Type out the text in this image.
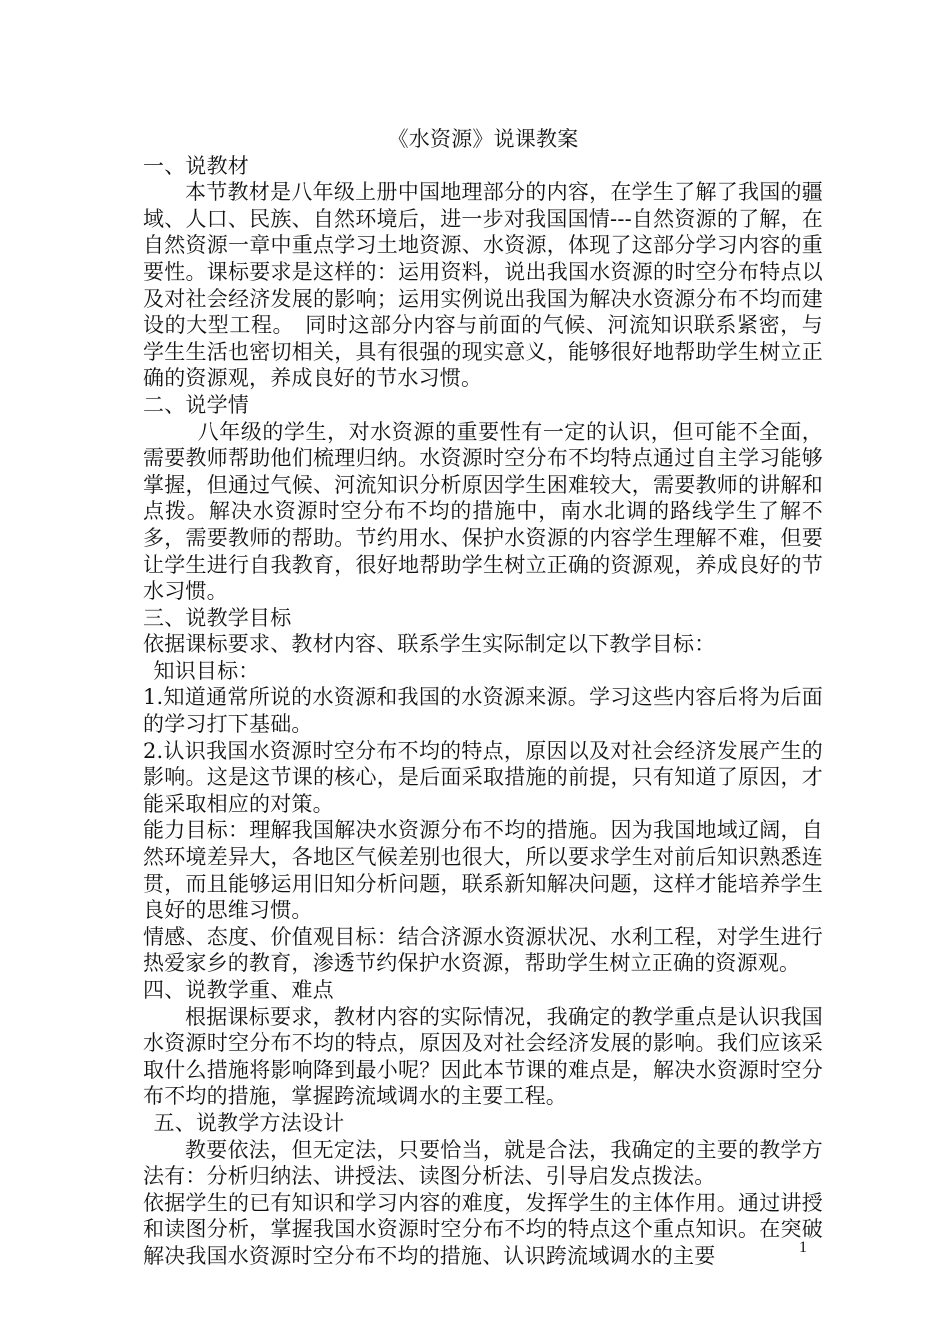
《水资源》说课教案

一、说教材

本节教材是八年级上册中国地理部分的内容，在学生了解了我国的疆域、人口、民族、自然环境后，进一步对我国国情---自然资源的了解，在自然资源一章中重点学习土地资源、水资源，体现了这部分学习内容的重要性。课标要求是这样的：运用资料，说出我国水资源的时空分布特点以及对社会经济发展的影响；运用实例说出我国为解决水资源分布不均而建设的大型工程。　同时这部分内容与前面的气候、河流知识联系紧密，与学生生活也密切相关，具有很强的现实意义，能够很好地帮助学生树立正确的资源观，养成良好的节水习惯。

二、说学情

八年级的学生，对水资源的重要性有一定的认识，但可能不全面，需要教师帮助他们梳理归纳。水资源时空分布不均特点通过自主学习能够掌握，但通过气候、河流知识分析原因学生困难较大，需要教师的讲解和点拨。解决水资源时空分布不均的措施中，南水北调的路线学生了解不多，需要教师的帮助。节约用水、保护水资源的内容学生理解不难，但要让学生进行自我教育，很好地帮助学生树立正确的资源观，养成良好的节水习惯。

三、说教学目标

依据课标要求、教材内容、联系学生实际制定以下教学目标：

知识目标：

1.知道通常所说的水资源和我国的水资源来源。学习这些内容后将为后面的学习打下基础。

2.认识我国水资源时空分布不均的特点，原因以及对社会经济发展产生的影响。这是这节课的核心，是后面采取措施的前提，只有知道了原因，才能采取相应的对策。

能力目标：理解我国解决水资源分布不均的措施。因为我国地域辽阔，自然环境差异大，各地区气候差别也很大，所以要求学生对前后知识熟悉连贯，而且能够运用旧知分析问题，联系新知解决问题，这样才能培养学生良好的思维习惯。

情感、态度、价值观目标：结合济源水资源状况、水利工程，对学生进行热爱家乡的教育，渗透节约保护水资源，帮助学生树立正确的资源观。

四、说教学重、难点

根据课标要求，教材内容的实际情况，我确定的教学重点是认识我国水资源时空分布不均的特点，原因及对社会经济发展的影响。我们应该采取什么措施将影响降到最小呢？因此本节课的难点是，解决水资源时空分布不均的措施，掌握跨流域调水的主要工程。

五、说教学方法设计

教要依法，但无定法，只要恰当，就是合法，我确定的主要的教学方法有：分析归纳法、讲授法、读图分析法、引导启发点拨法。

依据学生的已有知识和学习内容的难度，发挥学生的主体作用。通过讲授和读图分析，掌握我国水资源时空分布不均的特点这个重点知识。在突破解决我国水资源时空分布不均的措施、认识跨流域调水的主要	1
